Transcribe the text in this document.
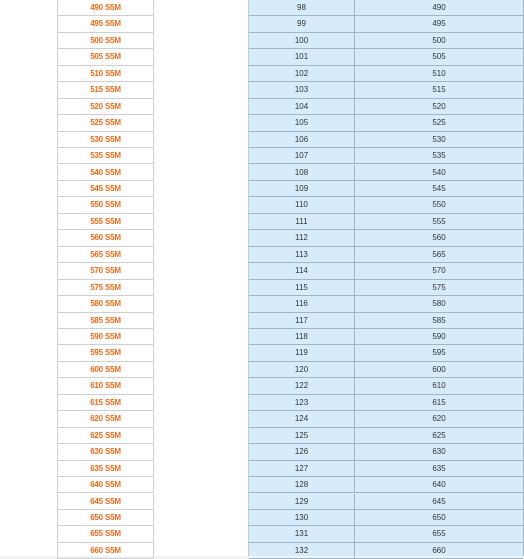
490 S5M	98	490
495 S5M	99	495
500 S5M	100	500
505 S5M	101	505
510 S5M	102	510
515 S5M	103	515
520 S5M	104	520
525 S5M	105	525
530 S5M	106	530
535 S5M	107	535
540 S5M	108	540
545 S5M	109	545
550 S5M	110	550
555 S5M	111	555
560 S5M	112	560
565 S5M	113	565
570 S5M	114	570
575 S5M	115	575
580 S5M	116	580
585 S5M	117	585
590 S5M	118	590
595 S5M	119	595
600 S5M	120	600
610 S5M	122	610
615 S5M	123	615
620 S5M	124	620
625 S5M	125	625
630 S5M	126	630
635 S5M	127	635
640 S5M	128	640
645 S5M	129	645
650 S5M	130	650
655 S5M	131	655
660 S5M	132	660
